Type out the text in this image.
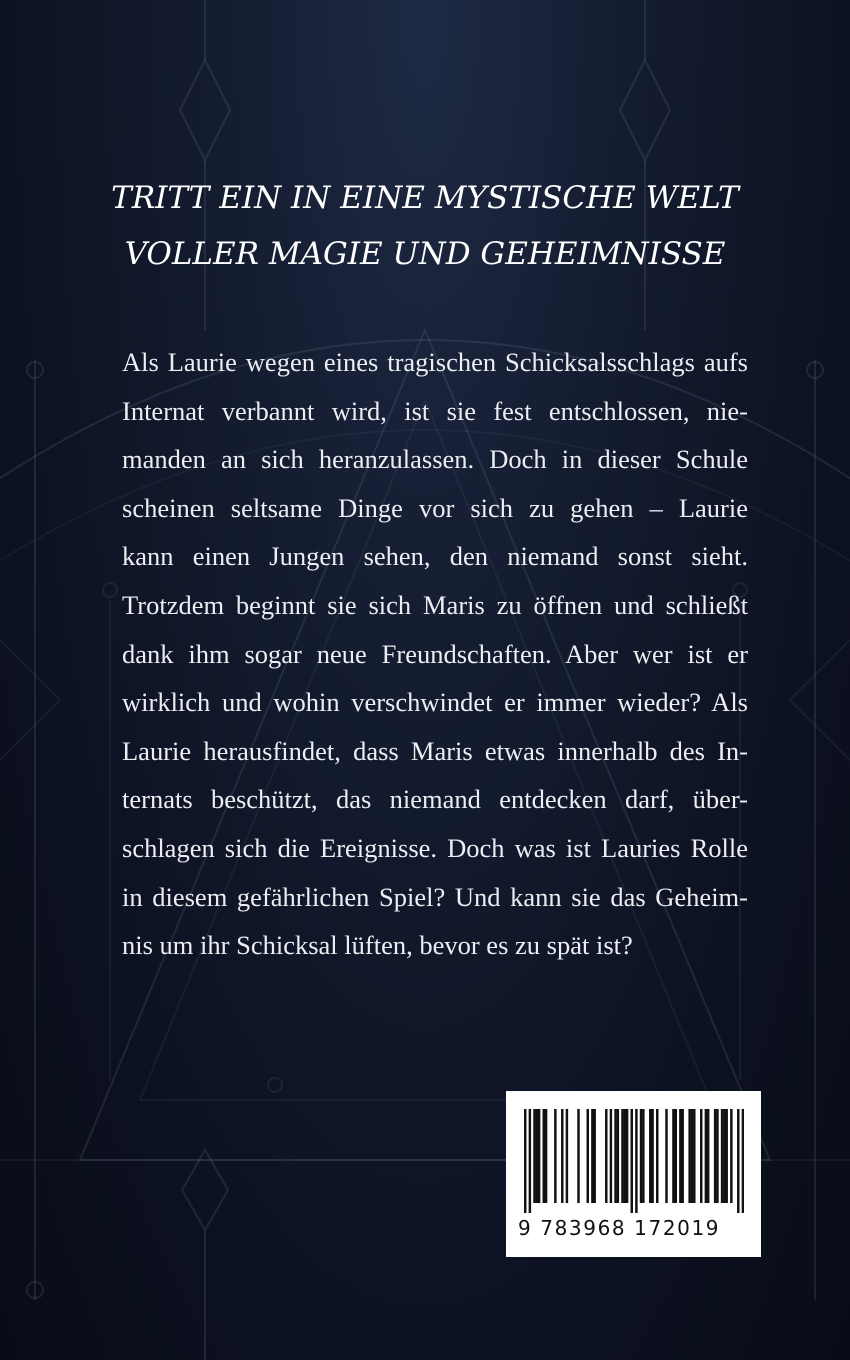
TRITT EIN IN EINE MYSTISCHE WELT
VOLLER MAGIE UND GEHEIMNISSE
Als Laurie wegen eines tragischen Schicksalsschlags aufs
Internat verbannt wird, ist sie fest entschlossen, nie-
manden an sich heranzulassen. Doch in dieser Schule
scheinen seltsame Dinge vor sich zu gehen – Laurie
kann einen Jungen sehen, den niemand sonst sieht.
Trotzdem beginnt sie sich Maris zu öffnen und schließt
dank ihm sogar neue Freundschaften. Aber wer ist er
wirklich und wohin verschwindet er immer wieder? Als
Laurie herausfindet, dass Maris etwas innerhalb des In-
ternats beschützt, das niemand entdecken darf, über-
schlagen sich die Ereignisse. Doch was ist Lauries Rolle
in diesem gefährlichen Spiel? Und kann sie das Geheim-
nis um ihr Schicksal lüften, bevor es zu spät ist?
9 783968 172019
